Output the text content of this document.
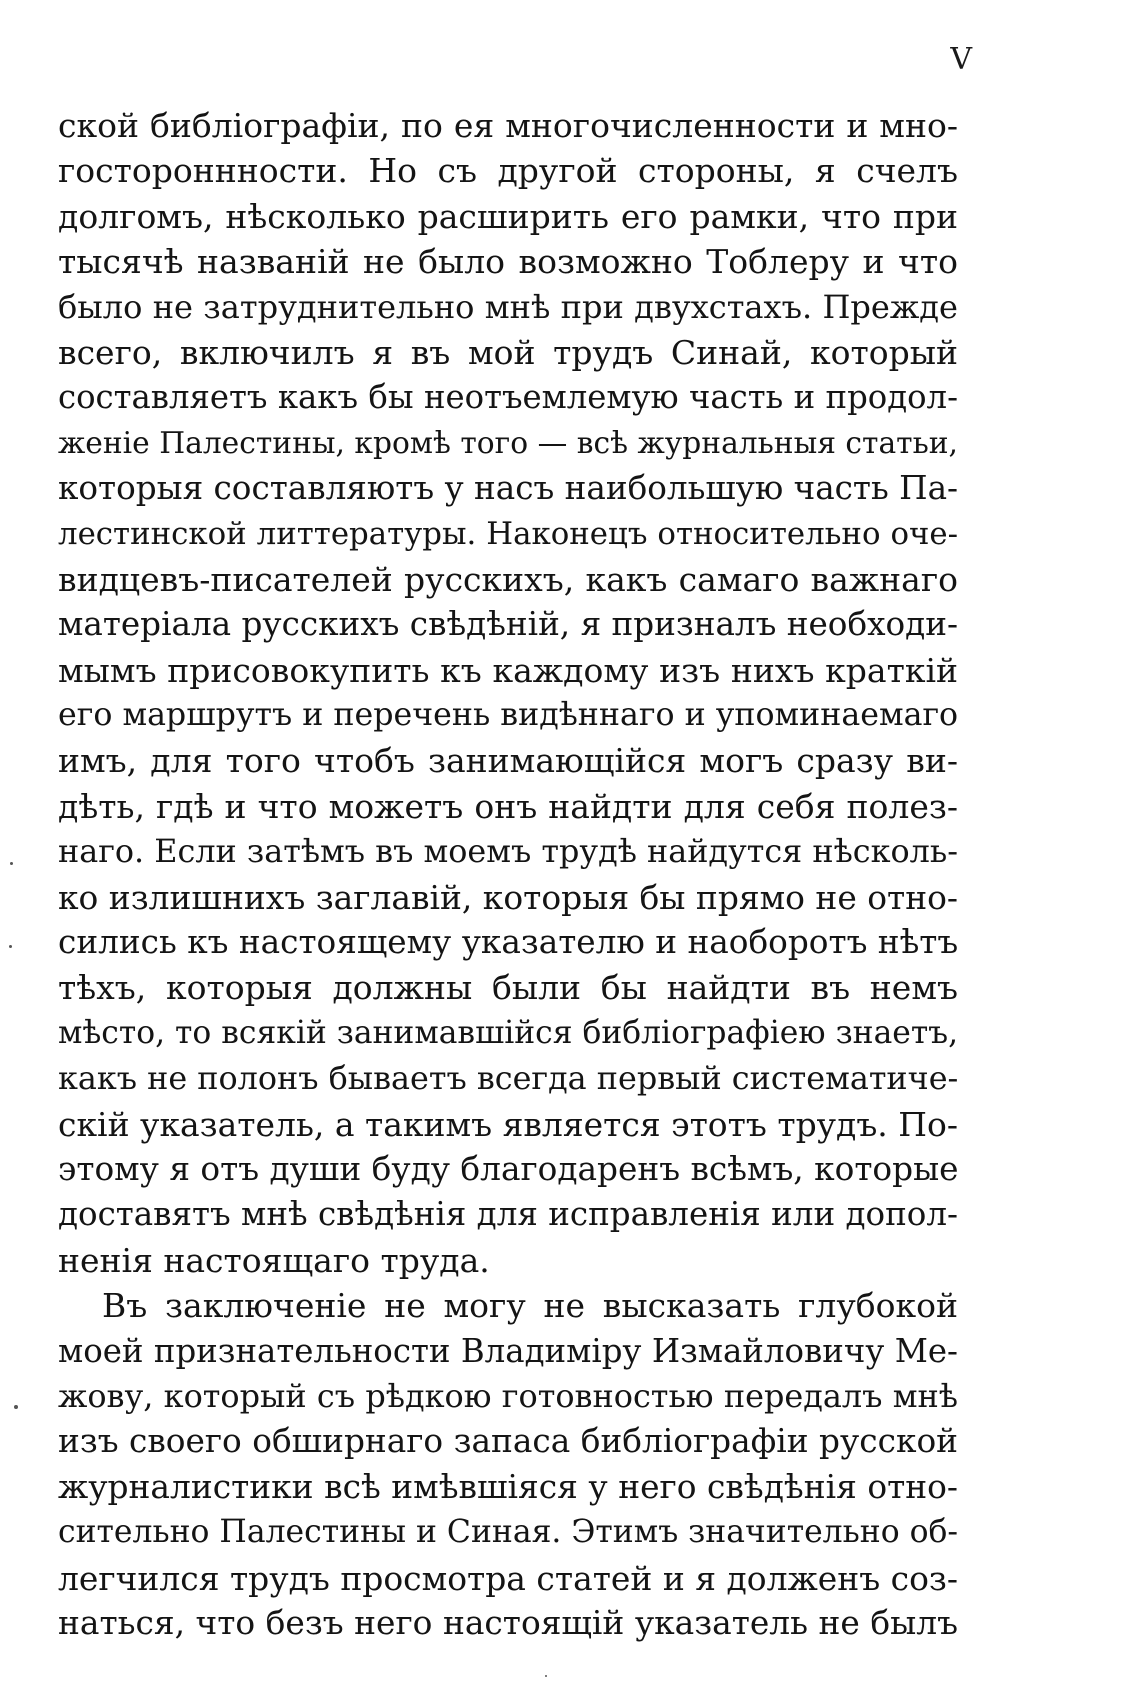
V
ской библіографіи, по ея многочисленности и мно-
гостороннности. Но съ другой стороны, я счелъ
долгомъ, нѣсколько расширить его рамки, что при
тысячѣ названій не было возможно Тоблеру и что
было не затруднительно мнѣ при двухстахъ. Прежде
всего, включилъ я въ мой трудъ Синай, который
составляетъ какъ бы неотъемлемую часть и продол-
женіе Палестины, кромѣ того — всѣ журнальныя статьи,
которыя составляютъ у насъ наибольшую часть Па-
лестинской литтературы. Наконецъ относительно оче-
видцевъ-писателей русскихъ, какъ самаго важнаго
матеріала русскихъ свѣдѣній, я призналъ необходи-
мымъ присовокупить къ каждому изъ нихъ краткій
его маршрутъ и перечень видѣннаго и упоминаемаго
имъ, для того чтобъ занимающійся могъ сразу ви-
дѣть, гдѣ и что можетъ онъ найдти для себя полез-
наго. Если затѣмъ въ моемъ трудѣ найдутся нѣсколь-
ко излишнихъ заглавій, которыя бы прямо не отно-
сились къ настоящему указателю и наоборотъ нѣтъ
тѣхъ, которыя должны были бы найдти въ немъ
мѣсто, то всякій занимавшійся библіографіею знаетъ,
какъ не полонъ бываетъ всегда первый систематиче-
скій указатель, а такимъ является этотъ трудъ. По-
этому я отъ души буду благодаренъ всѣмъ, которые
доставятъ мнѣ свѣдѣнія для исправленія или допол-
ненія настоящаго труда.
Въ заключеніе не могу не высказать глубокой
моей признательности Владиміру Измайловичу Ме-
жову, который съ рѣдкою готовностью передалъ мнѣ
изъ своего обширнаго запаса библіографіи русской
журналистики всѣ имѣвшіяся у него свѣдѣнія отно-
сительно Палестины и Синая. Этимъ значительно об-
легчился трудъ просмотра статей и я долженъ соз-
наться, что безъ него настоящій указатель не былъ
